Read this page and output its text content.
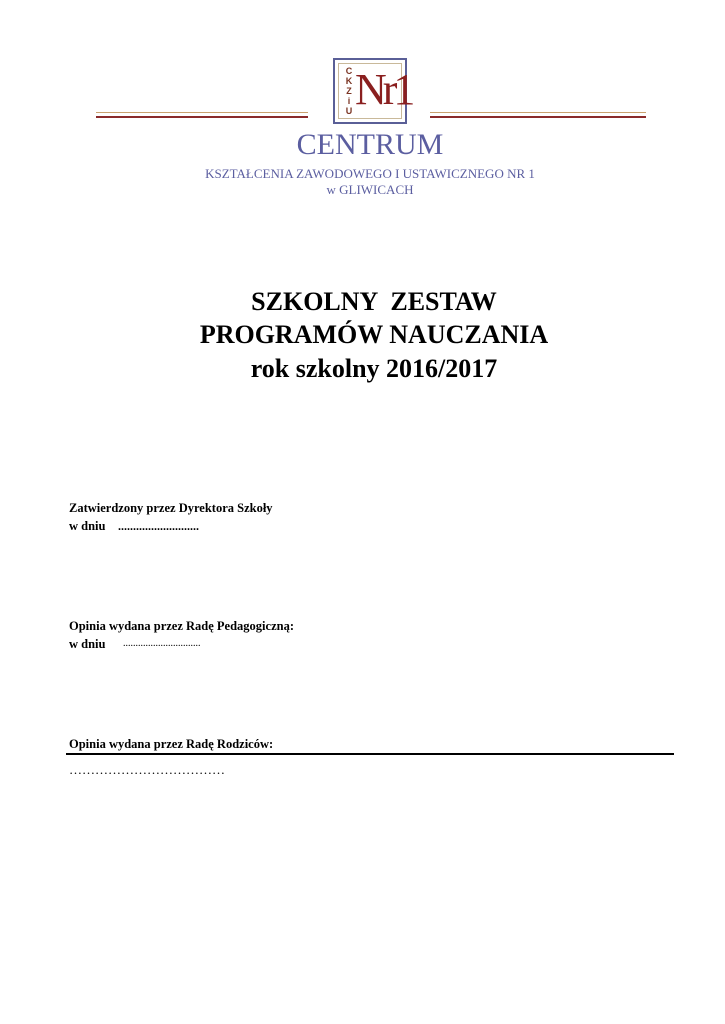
C
K
Z
i
U Nr1
CENTRUM
KSZTAŁCENIA ZAWODOWEGO I USTAWICZNEGO NR 1
w GLIWICACH
SZKOLNY  ZESTAW
PROGRAMÓW NAUCZANIA
rok szkolny 2016/2017
Zatwierdzony przez Dyrektora Szkoły
w dniu ...........................
Opinia wydana przez Radę Pedagogiczną:
w dniu ...............................
Opinia wydana przez Radę Rodziców:
………………………………
